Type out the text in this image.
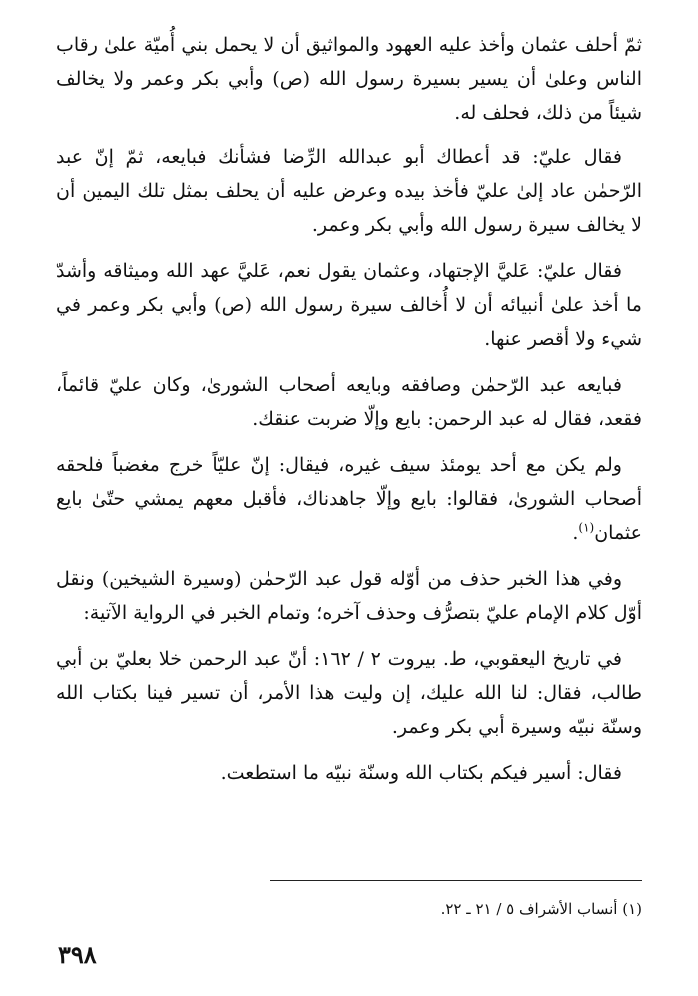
ثمّ أحلف عثمان وأخذ عليه العهود والمواثيق أن لا يحمل بني أُميّة علىٰ رقاب الناس وعلىٰ أن يسير بسيرة رسول الله (ص) وأبي بكر وعمر ولا يخالف شيئاً من ذلك، فحلف له.

فقال عليّ: قد أعطاك أبو عبدالله الرِّضا فشأنك فبايعه، ثمّ إنّ عبد الرّحمٰن عاد إلىٰ عليّ فأخذ بيده وعرض عليه أن يحلف بمثل تلك اليمين أن لا يخالف سيرة رسول الله وأبي بكر وعمر.

فقال عليّ: عَليَّ الإجتهاد، وعثمان يقول نعم، عَليَّ عهد الله وميثاقه وأشدّ ما أخذ علىٰ أنبيائه أن لا أُخالف سيرة رسول الله (ص) وأبي بكر وعمر في شيء ولا أقصر عنها.

فبايعه عبد الرّحمٰن وصافقه وبايعه أصحاب الشورىٰ، وكان عليّ قائماً، فقعد، فقال له عبد الرحمن: بايع وإلّا ضربت عنقك.

ولم يكن مع أحد يومئذ سيف غيره، فيقال: إنّ عليّاً خرج مغضباً فلحقه أصحاب الشورىٰ، فقالوا: بايع وإلّا جاهدناك، فأقبل معهم يمشي حتّىٰ بايع عثمان$^{(١)}$.

وفي هذا الخبر حذف من أوّله قول عبد الرّحمٰن (وسيرة الشيخين) ونقل أوّل كلام الإمام عليّ بتصرُّف وحذف آخره؛ وتمام الخبر في الرواية الآتية:

في تاريخ اليعقوبي، ط. بيروت ٢ / ١٦٢: أنّ عبد الرحمن خلا بعليّ بن أبي طالب، فقال: لنا الله عليك، إن وليت هذا الأمر، أن تسير فينا بكتاب الله وسنّة نبيّه وسيرة أبي بكر وعمر.

فقال: أسير فيكم بكتاب الله وسنّة نبيّه ما استطعت.

(١) أنساب الأشراف ٥ / ٢١ ـ ٢٢.
٣٩٨
